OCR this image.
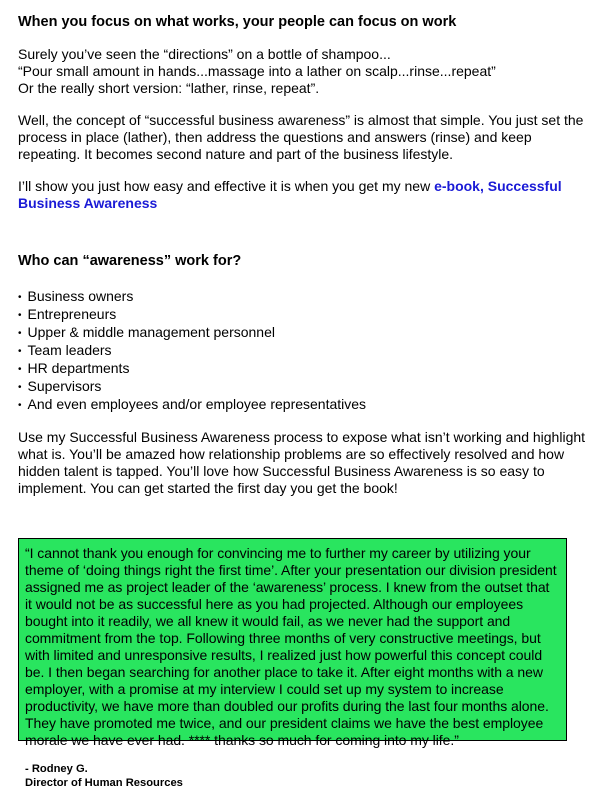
When you focus on what works, your people can focus on work

Surely you’ve seen the “directions” on a bottle of shampoo...

“Pour small amount in hands...massage into a lather on scalp...rinse...repeat”

Or the really short version: “lather, rinse, repeat”.

Well, the concept of “successful business awareness” is almost that simple. You just set the process in place (lather), then address the questions and answers (rinse) and keep repeating. It becomes second nature and part of the business lifestyle.

I’ll show you just how easy and effective it is when you get my new e-book, Successful Business Awareness

Who can “awareness” work for?
• Business owners
• Entrepreneurs
• Upper & middle management personnel
• Team leaders
• HR departments
• Supervisors
• And even employees and/or employee representatives

Use my Successful Business Awareness process to expose what isn’t working and highlight what is. You’ll be amazed how relationship problems are so effectively resolved and how hidden talent is tapped. You’ll love how Successful Business Awareness is so easy to implement. You can get started the first day you get the book!

“I cannot thank you enough for convincing me to further my career by utilizing your theme of ‘doing things right the first time’. After your presentation our division president assigned me as project leader of the ‘awareness’ process. I knew from the outset that it would not be as successful here as you had projected. Although our employees bought into it readily, we all knew it would fail, as we never had the support and commitment from the top. Following three months of very constructive meetings, but with limited and unresponsive results, I realized just how powerful this concept could be. I then began searching for another place to take it. After eight months with a new employer, with a promise at my interview I could set up my system to increase productivity, we have more than doubled our profits during the last four months alone. They have promoted me twice, and our president claims we have the best employee morale we have ever had. **** thanks so much for coming into my life.”

- Rodney G.
Director of Human Resources
